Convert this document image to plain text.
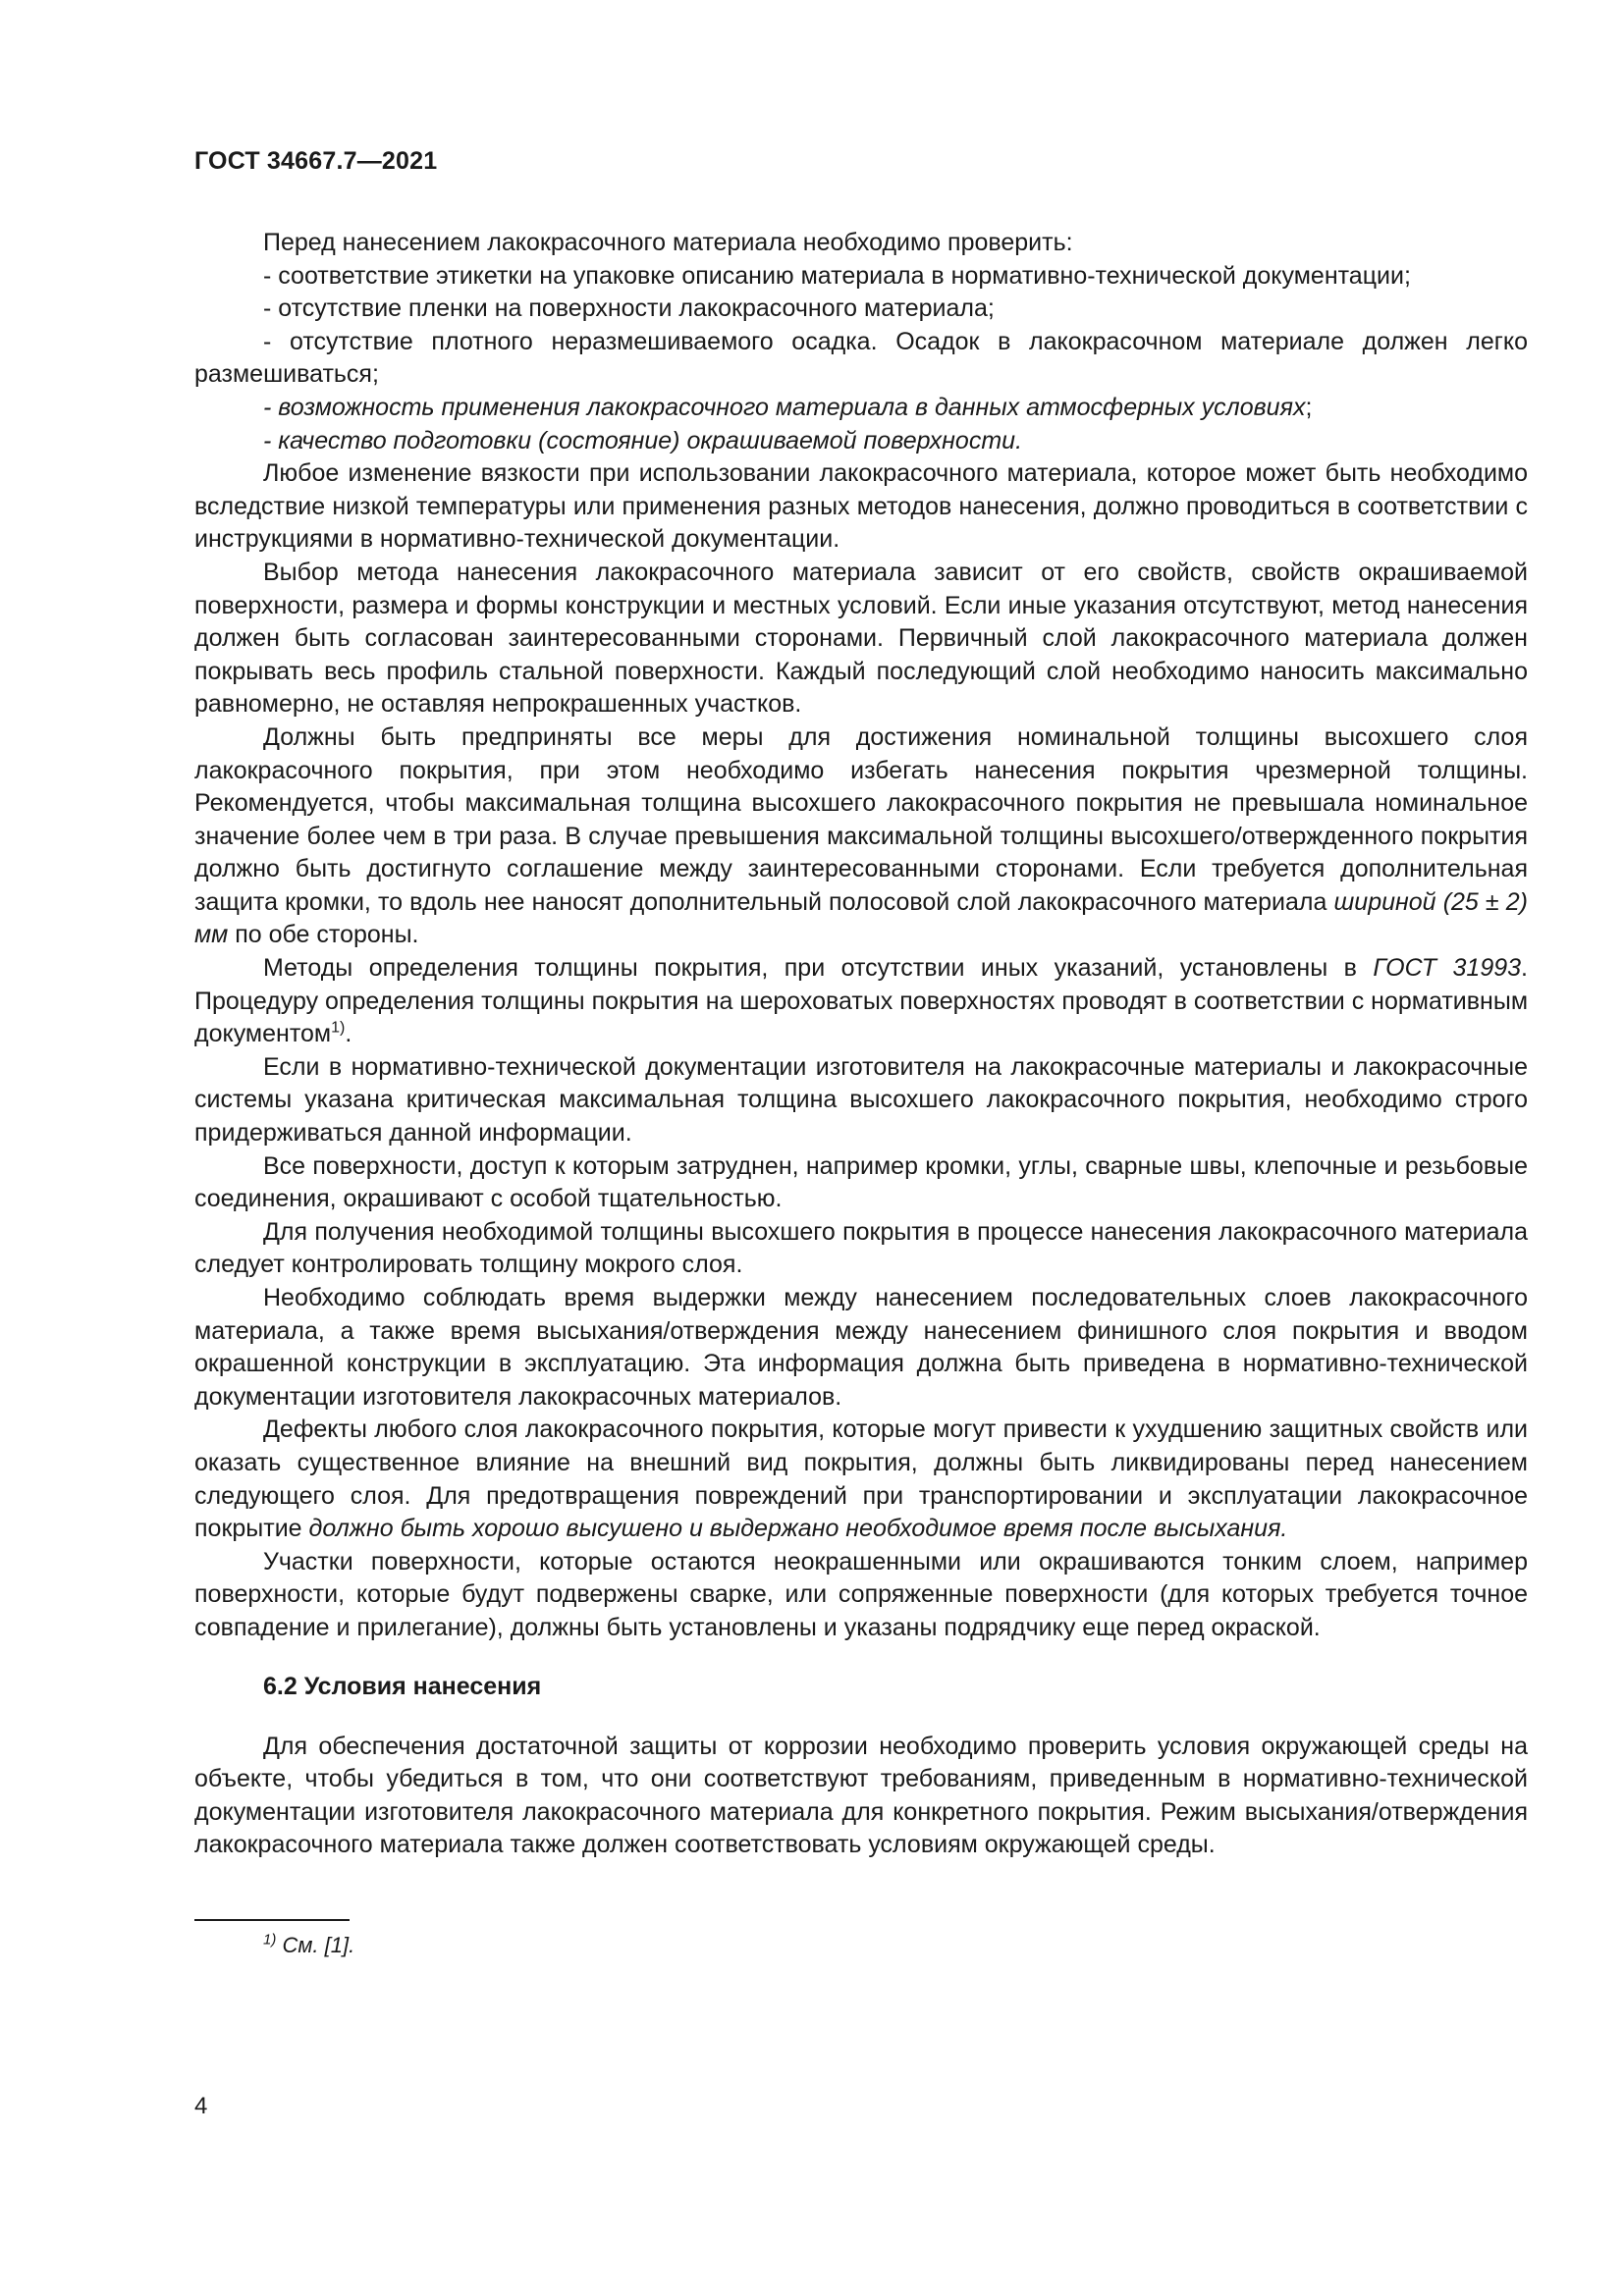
ГОСТ 34667.7—2021

Перед нанесением лакокрасочного материала необходимо проверить:

- соответствие этикетки на упаковке описанию материала в нормативно-технической документации;

- отсутствие пленки на поверхности лакокрасочного материала;

- отсутствие плотного неразмешиваемого осадка. Осадок в лакокрасочном материале должен легко размешиваться;

- возможность применения лакокрасочного материала в данных атмосферных условиях;

- качество подготовки (состояние) окрашиваемой поверхности.

Любое изменение вязкости при использовании лакокрасочного материала, которое может быть необходимо вследствие низкой температуры или применения разных методов нанесения, должно проводиться в соответствии с инструкциями в нормативно-технической документации.

Выбор метода нанесения лакокрасочного материала зависит от его свойств, свойств окрашиваемой поверхности, размера и формы конструкции и местных условий. Если иные указания отсутствуют, метод нанесения должен быть согласован заинтересованными сторонами. Первичный слой лакокрасочного материала должен покрывать весь профиль стальной поверхности. Каждый последующий слой необходимо наносить максимально равномерно, не оставляя непрокрашенных участков.

Должны быть предприняты все меры для достижения номинальной толщины высохшего слоя лакокрасочного покрытия, при этом необходимо избегать нанесения покрытия чрезмерной толщины. Рекомендуется, чтобы максимальная толщина высохшего лакокрасочного покрытия не превышала номинальное значение более чем в три раза. В случае превышения максимальной толщины высохшего/отвержденного покрытия должно быть достигнуто соглашение между заинтересованными сторонами. Если требуется дополнительная защита кромки, то вдоль нее наносят дополнительный полосовой слой лакокрасочного материала шириной (25 ± 2) мм по обе стороны.

Методы определения толщины покрытия, при отсутствии иных указаний, установлены в ГОСТ 31993. Процедуру определения толщины покрытия на шероховатых поверхностях проводят в соответствии с нормативным документом$^{1)}$.

Если в нормативно-технической документации изготовителя на лакокрасочные материалы и лакокрасочные системы указана критическая максимальная толщина высохшего лакокрасочного покрытия, необходимо строго придерживаться данной информации.

Все поверхности, доступ к которым затруднен, например кромки, углы, сварные швы, клепочные и резьбовые соединения, окрашивают с особой тщательностью.

Для получения необходимой толщины высохшего покрытия в процессе нанесения лакокрасочного материала следует контролировать толщину мокрого слоя.

Необходимо соблюдать время выдержки между нанесением последовательных слоев лакокрасочного материала, а также время высыхания/отверждения между нанесением финишного слоя покрытия и вводом окрашенной конструкции в эксплуатацию. Эта информация должна быть приведена в нормативно-технической документации изготовителя лакокрасочных материалов.

Дефекты любого слоя лакокрасочного покрытия, которые могут привести к ухудшению защитных свойств или оказать существенное влияние на внешний вид покрытия, должны быть ликвидированы перед нанесением следующего слоя. Для предотвращения повреждений при транспортировании и эксплуатации лакокрасочное покрытие должно быть хорошо высушено и выдержано необходимое время после высыхания.

Участки поверхности, которые остаются неокрашенными или окрашиваются тонким слоем, например поверхности, которые будут подвержены сварке, или сопряженные поверхности (для которых требуется точное совпадение и прилегание), должны быть установлены и указаны подрядчику еще перед окраской.

6.2 Условия нанесения

Для обеспечения достаточной защиты от коррозии необходимо проверить условия окружающей среды на объекте, чтобы убедиться в том, что они соответствуют требованиям, приведенным в нормативно-технической документации изготовителя лакокрасочного материала для конкретного покрытия. Режим высыхания/отверждения лакокрасочного материала также должен соответствовать условиям окружающей среды.

$^{1)}$ См. [1].
4
